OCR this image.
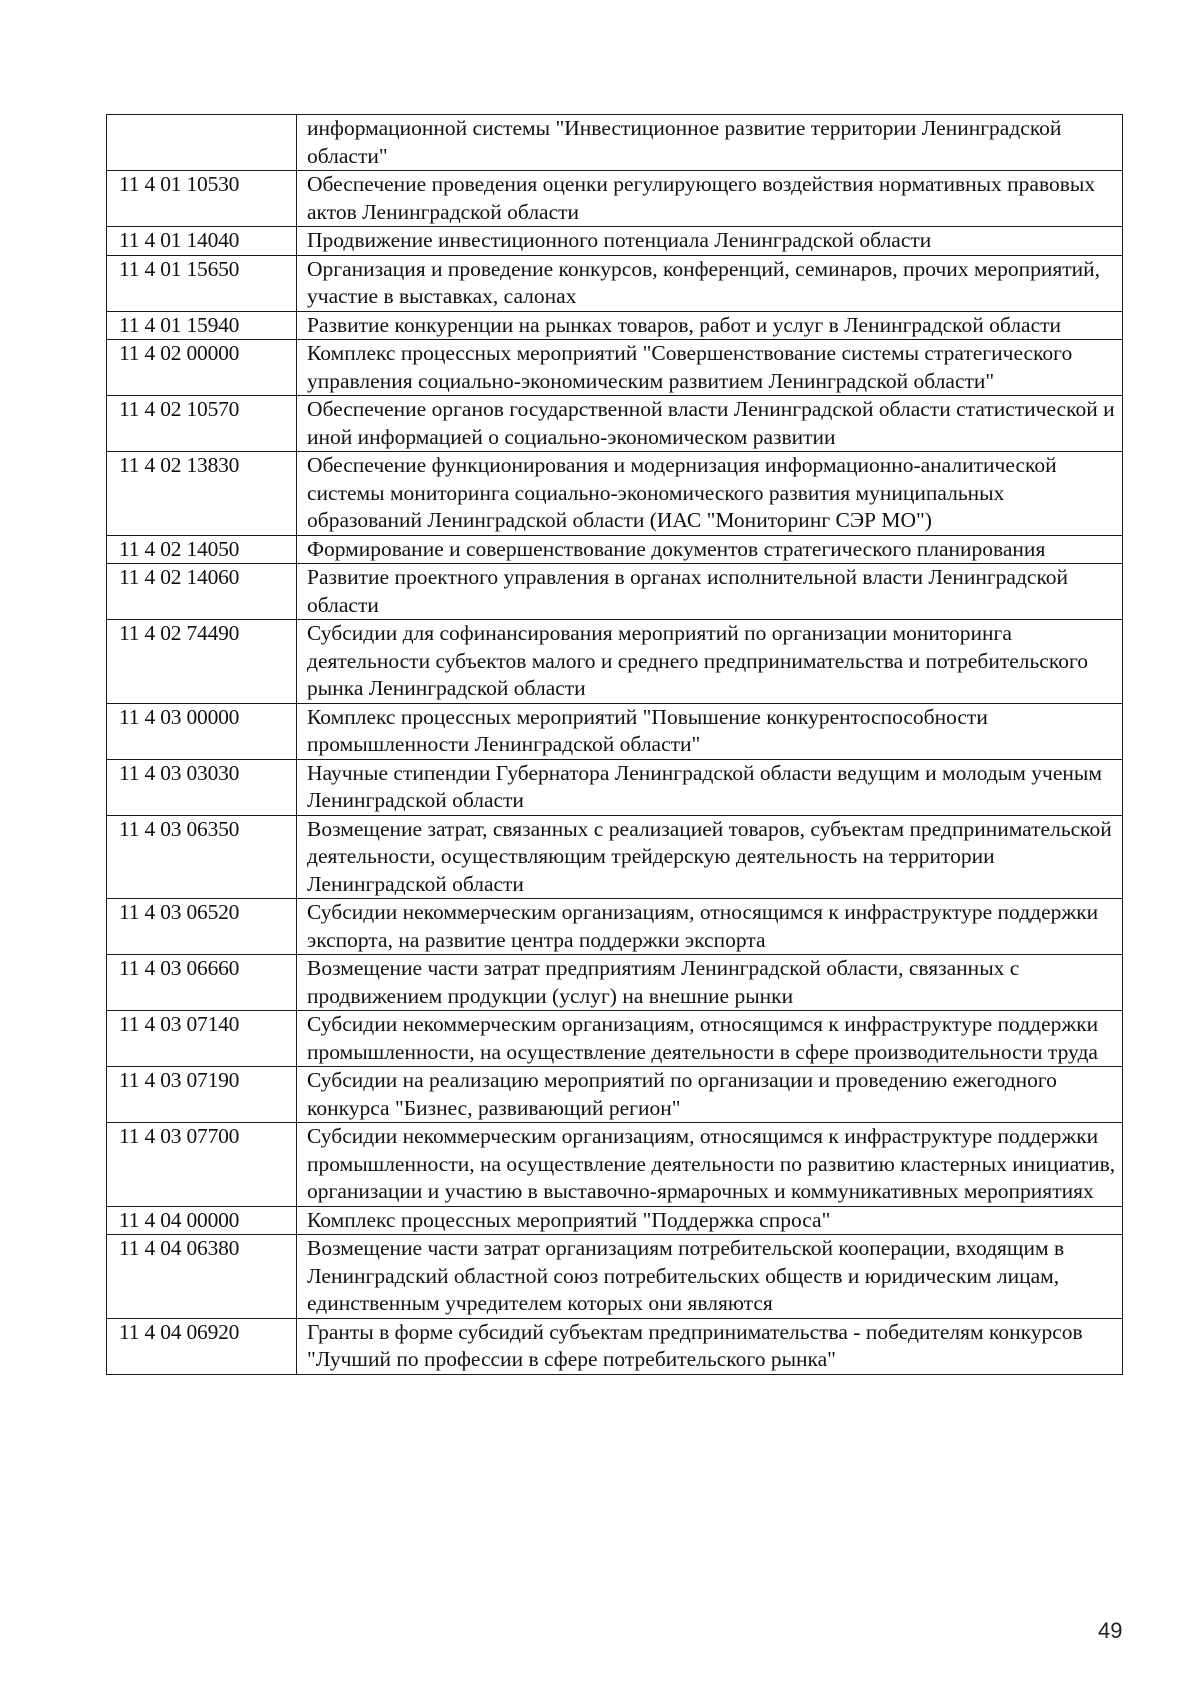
	информационной системы "Инвестиционное развитие территории Ленинградской области"
11 4 01 10530	Обеспечение проведения оценки регулирующего воздействия нормативных правовых актов Ленинградской области
11 4 01 14040	Продвижение инвестиционного потенциала Ленинградской области
11 4 01 15650	Организация и проведение конкурсов, конференций, семинаров, прочих мероприятий, участие в выставках, салонах
11 4 01 15940	Развитие конкуренции на рынках товаров, работ и услуг в Ленинградской области
11 4 02 00000	Комплекс процессных мероприятий "Совершенствование системы стратегического управления социально-экономическим развитием Ленинградской области"
11 4 02 10570	Обеспечение органов государственной власти Ленинградской области статистической и иной информацией о социально-экономическом развитии
11 4 02 13830	Обеспечение функционирования и модернизация информационно-аналитической системы мониторинга социально-экономического развития муниципальных образований Ленинградской области (ИАС "Мониторинг СЭР МО")
11 4 02 14050	Формирование и совершенствование документов стратегического планирования
11 4 02 14060	Развитие проектного управления в органах исполнительной власти Ленинградской области
11 4 02 74490	Субсидии для софинансирования мероприятий по организации мониторинга деятельности субъектов малого и среднего предпринимательства и потребительского рынка Ленинградской области
11 4 03 00000	Комплекс процессных мероприятий "Повышение конкурентоспособности промышленности Ленинградской области"
11 4 03 03030	Научные стипендии Губернатора Ленинградской области ведущим и молодым ученым Ленинградской области
11 4 03 06350	Возмещение затрат, связанных с реализацией товаров, субъектам предпринимательской деятельности, осуществляющим трейдерскую деятельность на территории Ленинградской области
11 4 03 06520	Субсидии некоммерческим организациям, относящимся к инфраструктуре поддержки экспорта, на развитие центра поддержки экспорта
11 4 03 06660	Возмещение части затрат предприятиям Ленинградской области, связанных с продвижением продукции (услуг) на внешние рынки
11 4 03 07140	Субсидии некоммерческим организациям, относящимся к инфраструктуре поддержки промышленности, на осуществление деятельности в сфере производительности труда
11 4 03 07190	Субсидии на реализацию мероприятий по организации и проведению ежегодного конкурса "Бизнес, развивающий регион"
11 4 03 07700	Субсидии некоммерческим организациям, относящимся к инфраструктуре поддержки промышленности, на осуществление деятельности по развитию кластерных инициатив, организации и участию в выставочно-ярмарочных и коммуникативных мероприятиях
11 4 04 00000	Комплекс процессных мероприятий "Поддержка спроса"
11 4 04 06380	Возмещение части затрат организациям потребительской кооперации, входящим в Ленинградский областной союз потребительских обществ и юридическим лицам, единственным учредителем которых они являются
11 4 04 06920	Гранты в форме субсидий субъектам предпринимательства - победителям конкурсов "Лучший по профессии в сфере потребительского рынка"
49
